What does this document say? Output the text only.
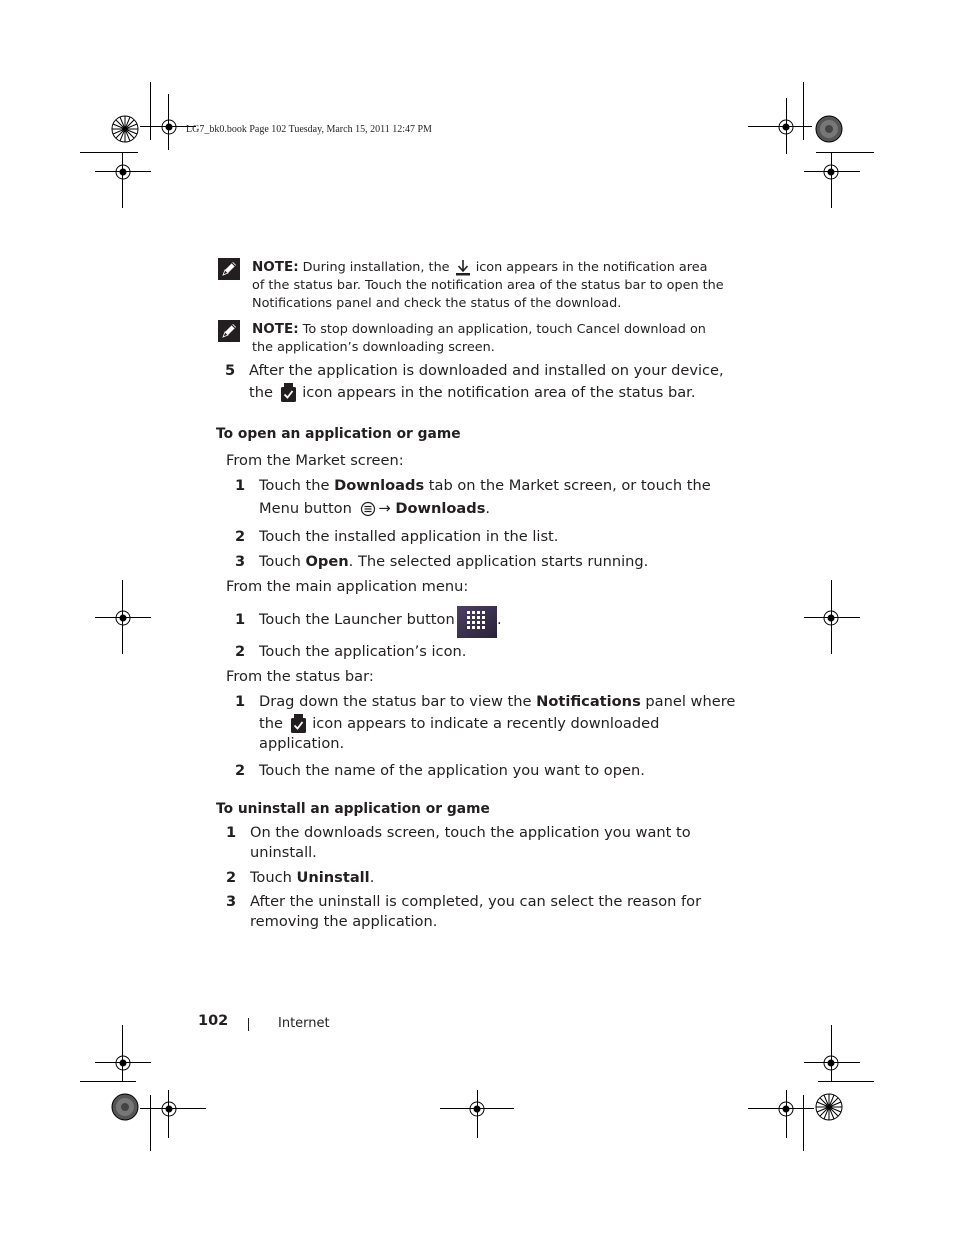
LG7_bk0.book Page 102 Tuesday, March 15, 2011 12:47 PM
NOTE: During installation, the  icon appears in the notification area
of the status bar. Touch the notification area of the status bar to open the
Notifications panel and check the status of the download.
NOTE: To stop downloading an application, touch Cancel download on
the application’s downloading screen.
5 After the application is downloaded and installed on your device,
the  icon appears in the notification area of the status bar.
To open an application or game
From the Market screen:
1 Touch the Downloads tab on the Market screen, or touch the
Menu button → Downloads.
2 Touch the installed application in the list.
3 Touch Open. The selected application starts running.
From the main application menu:
1 Touch the Launcher button	.
2 Touch the application’s icon.
From the status bar:
1 Drag down the status bar to view the Notifications panel where
the  icon appears to indicate a recently downloaded
application.
2 Touch the name of the application you want to open.
To uninstall an application or game
1 On the downloads screen, touch the application you want to
uninstall.
2 Touch Uninstall.
3 After the uninstall is completed, you can select the reason for
removing the application.
102	Internet
